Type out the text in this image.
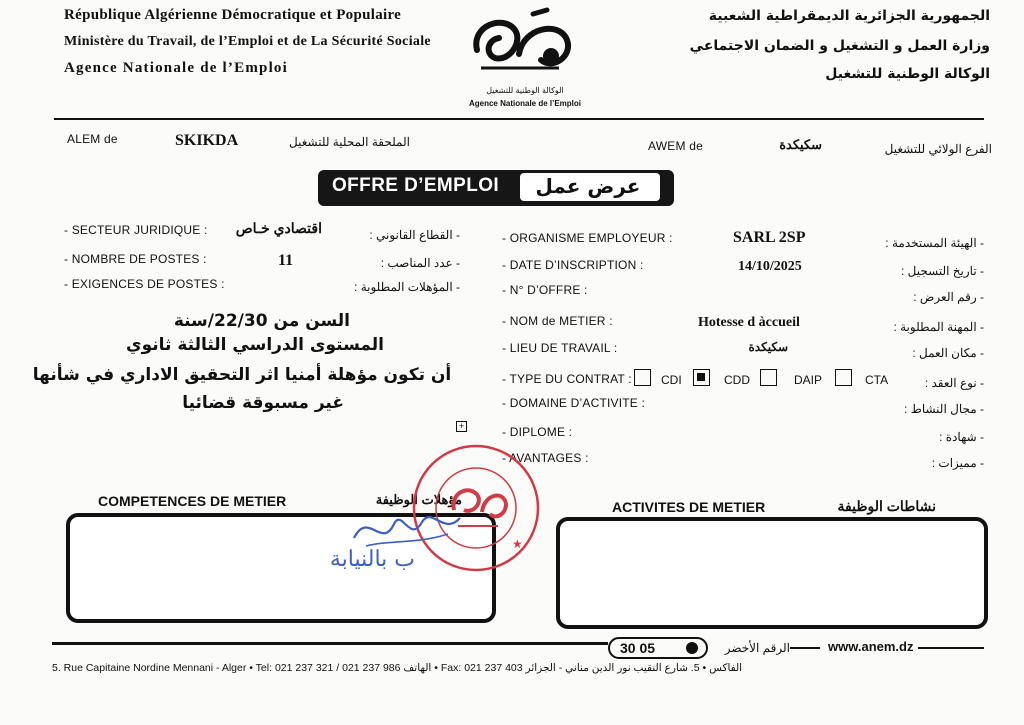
République Algérienne Démocratique et Populaire
Ministère du Travail, de l’Emploi et de La Sécurité Sociale
Agence Nationale de l’Emploi
الوكالة الوطنية للتشغيل
Agence Nationale de l’Emploi
الجمهورية الجزائرية الديمقراطية الشعبية
وزارة العمل و التشغيل و الضمان الاجتماعي
الوكالة الوطنية للتشغيل
ALEM de	SKIKDA	الملحقة المحلية للتشغيل	AWEM de	سكيكدة	الفرع الولائي للتشغيل
OFFRE D’EMPLOI	عرض عمل
- SECTEUR JURIDIQUE :	اقتصادي خـاص	- القطاع القانوني :
- NOMBRE DE POSTES :	11	- عدد المناصب :
- EXIGENCES DE POSTES :	- المؤهلات المطلوبة :
السن من 22/30/سنة
المستوى الدراسي الثالثة ثانوي
أن تكون مؤهلة أمنيا اثر التحقيق الاداري في شأنها
غير مسبوقة قضائيا
+
- ORGANISME EMPLOYEUR :	SARL 2SP	- الهيئة المستخدمة :
- DATE D’INSCRIPTION :	14/10/2025	- تاريخ التسجيل :
- N° D’OFFRE :	- رقم العرض :
- NOM de METIER :	Hotesse d àccueil	- المهنة المطلوبة :
- LIEU DE TRAVAIL :	سكيكدة	- مكان العمل :
- TYPE DU CONTRAT : CDI	CDD	DAIP	CTA	- نوع العقد :
- DOMAINE D’ACTIVITE :	- مجال النشاط :
- DIPLOME :	- شهادة :
- AVANTAGES :	- مميزات :
COMPETENCES DE METIER	مؤهلات الوظيفة	ACTIVITES DE METIER	نشاطات الوظيفة
ب بالنيابة
★
30 05	الرقم الأخضر	www.anem.dz
5. Rue Capitaine Nordine Mennani - Alger • Tel: 021 237 321 / 021 237 986 الهاتف • Fax: 021 237 403 الفاكس • 5. شارع النقيب نور الدين مناني - الجزائر
